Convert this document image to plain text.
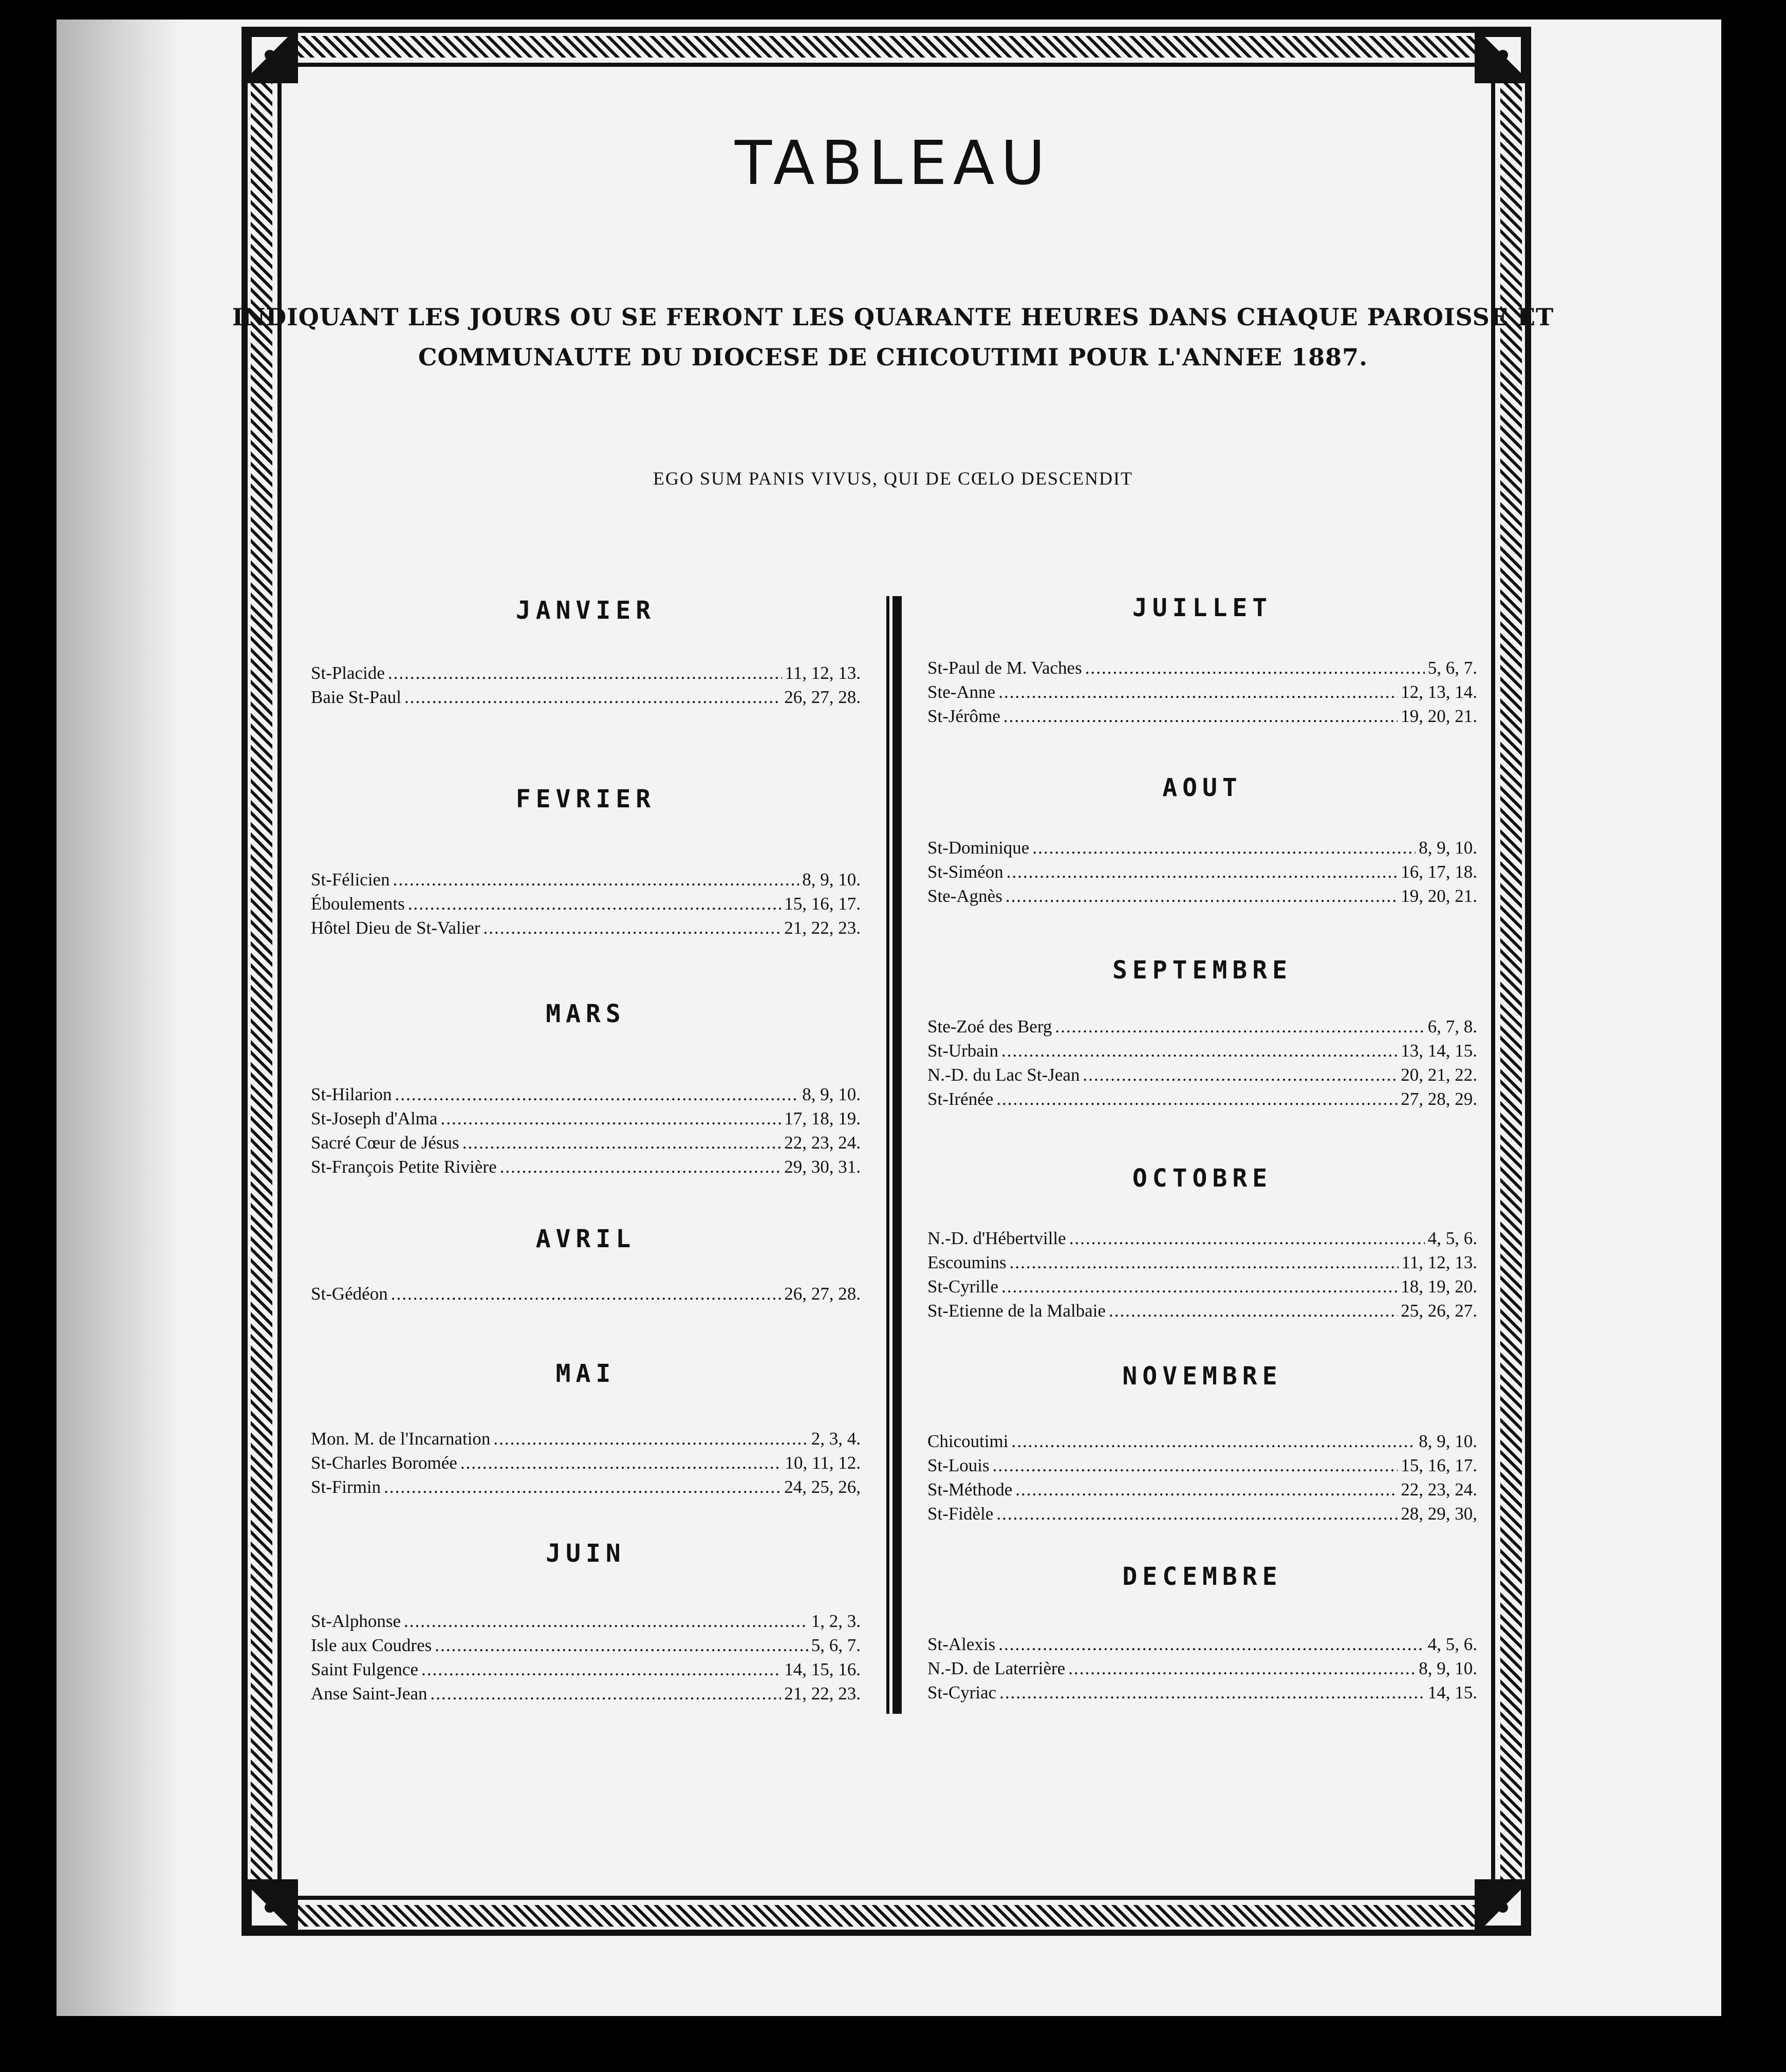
TABLEAU
INDIQUANT LES JOURS OU SE FERONT LES QUARANTE HEURES DANS CHAQUE PAROISSE ET
COMMUNAUTE DU DIOCESE DE CHICOUTIMI POUR L'ANNEE 1887.
EGO SUM PANIS VIVUS, QUI DE CŒLO DESCENDIT
JANVIER
St-Placide .....	11, 12, 13.
Baie St-Paul .....	26, 27, 28.
FEVRIER
St-Félicien .....	8, 9, 10.
Éboulements .....	15, 16, 17.
Hôtel Dieu de St-Valier .....	21, 22, 23.
MARS
St-Hilarion .....	8, 9, 10.
St-Joseph d'Alma .....	17, 18, 19.
Sacré Cœur de Jésus .....	22, 23, 24.
St-François Petite Rivière .....	29, 30, 31.
AVRIL
St-Gédéon .....	26, 27, 28.
MAI
Mon. M. de l'Incarnation .....	2, 3, 4.
St-Charles Boromée .....	10, 11, 12.
St-Firmin .....	24, 25, 26,
JUIN
St-Alphonse .....	1, 2, 3.
Isle aux Coudres .....	5, 6, 7.
Saint Fulgence .....	14, 15, 16.
Anse Saint-Jean .....	21, 22, 23.
JUILLET
St-Paul de M. Vaches .....	5, 6, 7.
Ste-Anne .....	12, 13, 14.
St-Jérôme .....	19, 20, 21.
AOUT
St-Dominique .....	8, 9, 10.
St-Siméon .....	16, 17, 18.
Ste-Agnès .....	19, 20, 21.
SEPTEMBRE
Ste-Zoé des Berg .....	6, 7, 8.
St-Urbain .....	13, 14, 15.
N.-D. du Lac St-Jean .....	20, 21, 22.
St-Irénée .....	27, 28, 29.
OCTOBRE
N.-D. d'Hébertville .....	4, 5, 6.
Escoumins .....	11, 12, 13.
St-Cyrille .....	18, 19, 20.
St-Etienne de la Malbaie .....	25, 26, 27.
NOVEMBRE
Chicoutimi .....	8, 9, 10.
St-Louis .....	15, 16, 17.
St-Méthode .....	22, 23, 24.
St-Fidèle .....	28, 29, 30,
DECEMBRE
St-Alexis .....	4, 5, 6.
N.-D. de Laterrière .....	8, 9, 10.
St-Cyriac .....	14, 15.
